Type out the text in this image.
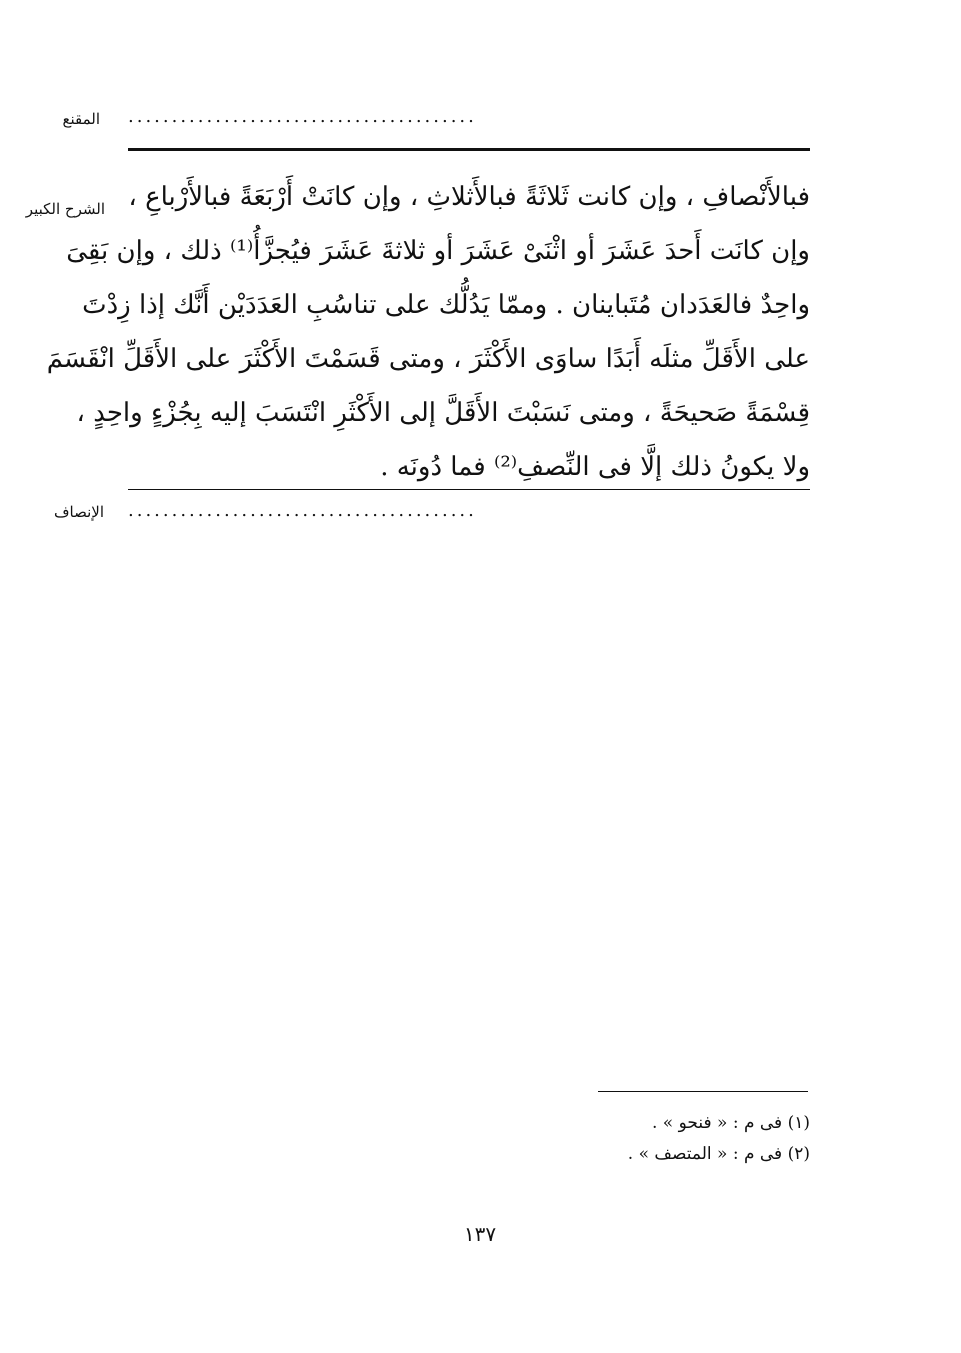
المقنع ........................................
الشرح الكبير فبالأَنْصافِ ، وإن كانت ثَلاثَةً فبالأَثلاثِ ، وإن كانَتْ أَرْبَعَةً فبالأَرْباعِ ،
وإن كانَت أَحدَ عَشَرَ أو اثْنَىْ عَشَرَ أو ثلاثةَ عَشَرَ فيُجزَّأُ⁽¹⁾ ذلك ، وإن بَقِىَ
واحِدٌ فالعَدَدان مُتَباينان . وممّا يَدُلُّك على تناسُبِ العَدَدَيْن أَنَّك إذا زِدْتَ
على الأَقَلِّ مثلَه أَبَدًا ساوَى الأَكْثَرَ ، ومتى قَسَمْتَ الأَكْثَرَ على الأَقَلِّ انْقَسَمَ
قِسْمَةً صَحيحَةً ، ومتى نَسَبْتَ الأَقَلَّ إلى الأَكْثَرِ انْتَسَبَ إليه بِجُزْءٍ واحِدٍ ،
ولا يكونُ ذلك إلَّا فى النِّصفِ⁽²⁾ فما دُونَه .
الإنصاف ........................................
(١) فى م : « فنحو » .
(٢) فى م : « المتصف » .
١٣٧
